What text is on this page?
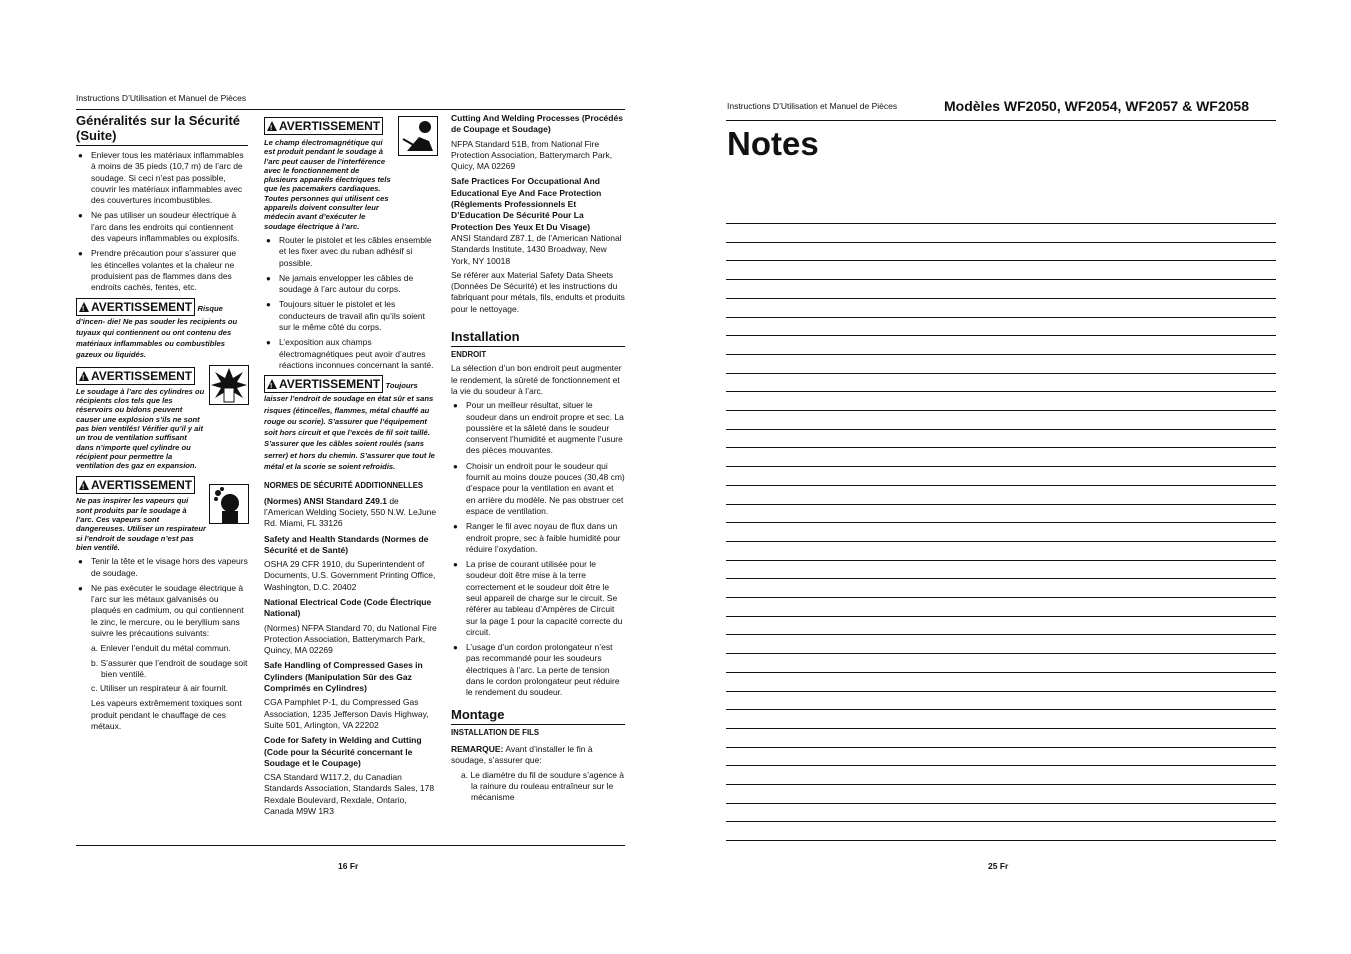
Instructions D’Utilisation et Manuel de Pièces
Généralités sur la Sécurité (Suite)
● Enlever tous les matériaux inflammables à moins de 35 pieds (10,7 m) de l’arc de soudage. Si ceci n’est pas possible, couvrir les matériaux inflammables avec des couvertures incombustibles.
● Ne pas utiliser un soudeur électrique à l’arc dans les endroits qui contiennent des vapeurs inflammables ou explosifs.
● Prendre précaution pour s’assurer que les étincelles volantes et la chaleur ne produisient pas de flammes dans des endroits cachés, fentes, etc.
!AVERTISSEMENT Risque d’incen- die! Ne pas souder les recipients ou tuyaux qui contiennent ou ont contenu des matériaux inflammables ou combustibles gazeux ou liquidés.
!AVERTISSEMENT
Le soudage à l’arc des cylindres ou récipients clos tels que les réservoirs ou bidons peuvent causer une explosion s’ils ne sont pas bien ventilés! Vérifier qu’il y ait un trou de ventilation suffisant dans n’importe quel cylindre ou récipient pour permettre la ventilation des gaz en expansion.
!AVERTISSEMENT
Ne pas inspirer les vapeurs qui sont produits par le soudage à l’arc. Ces vapeurs sont dangereuses. Utiliser un respirateur si l’endroit de soudage n’est pas bien ventilé.
● Tenir la tête et le visage hors des vapeurs de soudage.
● Ne pas exécuter le soudage électrique à l’arc sur les métaux galvanisés ou plaqués en cadmium, ou qui contiennent le zinc, le mercure, ou le beryllium sans suivre les précautions suivants:
a. Enlever l’enduit du métal commun.
b. S’assurer que l’endroit de soudage soit bien ventilé.
c. Utiliser un respirateur à air fournit.

Les vapeurs extrêmement toxiques sont produit pendant le chauffage de ces métaux.

!AVERTISSEMENT
Le champ électromagnétique qui est produit pendant le soudage à l’arc peut causer de l’interférence avec le fonctionnement de plusieurs appareils électriques tels que les pacemakers cardiaques. Toutes personnes qui utilisent ces appareils doivent consulter leur médecin avant d’exécuter le soudage électrique à l’arc.
● Router le pistolet et les câbles ensemble et les fixer avec du ruban adhésif si possible.
● Ne jamais envelopper les câbles de soudage à l’arc autour du corps.
● Toujours situer le pistolet et les conducteurs de travail afin qu’ils soient sur le même côté du corps.
● L’exposition aux champs électromagnétiques peut avoir d’autres réactions inconnues concernant la santé.
!AVERTISSEMENT Toujours laisser l’endroit de soudage en état sûr et sans risques (étincelles, flammes, métal chauffé au rouge ou scorie). S’assurer que l’équipement soit hors circuit et que l’excès de fil soit taillé. S’assurer que les câbles soient roulés (sans serrer) et hors du chemin. S’assurer que tout le métal et la scorie se soient refroidis.
NORMES DE SÉCURITÉ ADDITIONNELLES

(Normes) ANSI Standard Z49.1 de l’American Welding Society, 550 N.W. LeJune Rd. Miami, FL 33126

Safety and Health Standards (Normes de Sécurité et de Santé)

OSHA 29 CFR 1910, du Superintendent of Documents, U.S. Government Printing Office, Washington, D.C. 20402

National Electrical Code (Code Électrique National)

(Normes) NFPA Standard 70, du National Fire Protection Association, Batterymarch Park, Quincy, MA 02269

Safe Handling of Compressed Gases in Cylinders (Manipulation Sûr des Gaz Comprimés en Cylindres)

CGA Pamphlet P-1, du Compressed Gas Association, 1235 Jefferson Davis Highway, Suite 501, Arlington, VA 22202

Code for Safety in Welding and Cutting (Code pour la Sécurité concernant le Soudage et le Coupage)

CSA Standard W117.2, du Canadian Standards Association, Standards Sales, 178 Rexdale Boulevard, Rexdale, Ontario, Canada M9W 1R3

Cutting And Welding Processes (Procédés de Coupage et Soudage)

NFPA Standard 51B, from National Fire Protection Association, Batterymarch Park, Quicy, MA 02269

Safe Practices For Occupational And Educational Eye And Face Protection (Règlements Professionnels Et D’Education De Sécurité Pour La Protection Des Yeux Et Du Visage)

ANSI Standard Z87.1, de l’American National Standards Institute, 1430 Broadway, New York, NY 10018

Se référer aux Material Safety Data Sheets (Données De Sécurité) et les instructions du fabriquant pour métals, fils, endults et produits pour le nettoyage.

Installation
ENDROIT

La sélection d’un bon endroit peut augmenter le rendement, la sûreté de fonctionnement et la vie du soudeur à l’arc.

● Pour un meilleur résultat, situer le soudeur dans un endroit propre et sec. La poussière et la sâleté dans le soudeur conservent l’humidité et augmente l’usure des pièces mouvantes.
● Choisir un endroit pour le soudeur qui fournit au moins douze pouces (30,48 cm) d’espace pour la ventilation en avant et en arrière du modèle. Ne pas obstruer cet espace de ventilation.
● Ranger le fil avec noyau de flux dans un endroit propre, sec à faible humidité pour réduire l’oxydation.
● La prise de courant utilisée pour le soudeur doit être mise à la terre correctement et le soudeur doit être le seul appareil de charge sur le circuit. Se référer au tableau d’Ampères de Circuit sur la page 1 pour la capacité correcte du circuit.
● L’usage d’un cordon prolongateur n’est pas recommandé pour les soudeurs électriques à l’arc. La perte de tension dans le cordon prolongateur peut réduire le rendement du soudeur.
Montage
INSTALLATION DE FILS

REMARQUE: Avant d’installer le fin à soudage, s’assurer que:

a. Le diamètre du fil de soudure s’agence à la rainure du rouleau entraîneur sur le mécanisme

16 Fr
Instructions D’Utilisation et Manuel de Pièces	Modèles WF2050, WF2054, WF2057 & WF2058
Notes
25 Fr
